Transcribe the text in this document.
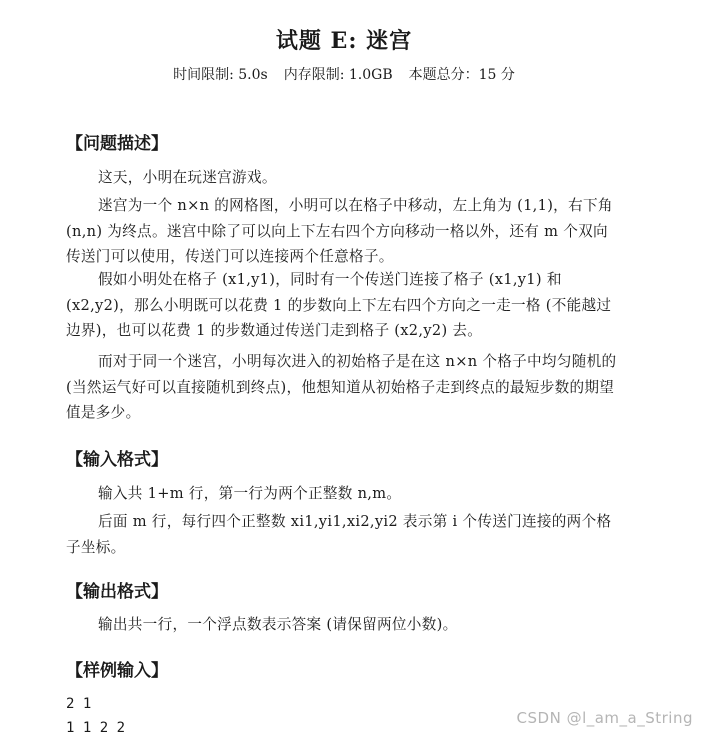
试题 E: 迷宫
时间限制: 5.0s 内存限制: 1.0GB 本题总分：15 分
【问题描述】
这天，小明在玩迷宫游戏。
迷宫为一个 n×n 的网格图，小明可以在格子中移动，左上角为 (1,1)，右下角 (n,n) 为终点。迷宫中除了可以向上下左右四个方向移动一格以外，还有 m 个双向传送门可以使用，传送门可以连接两个任意格子。
假如小明处在格子 (x1,y1)，同时有一个传送门连接了格子 (x1,y1) 和 (x2,y2)，那么小明既可以花费 1 的步数向上下左右四个方向之一走一格 (不能越过边界)，也可以花费 1 的步数通过传送门走到格子 (x2,y2) 去。
而对于同一个迷宫，小明每次进入的初始格子是在这 n×n 个格子中均匀随机的 (当然运气好可以直接随机到终点)，他想知道从初始格子走到终点的最短步数的期望值是多少。
【输入格式】
输入共 1+m 行，第一行为两个正整数 n,m。
后面 m 行，每行四个正整数 xi1,yi1,xi2,yi2 表示第 i 个传送门连接的两个格子坐标。
【输出格式】
输出共一行，一个浮点数表示答案 (请保留两位小数)。
【样例输入】
2 1
1 1 2 2
CSDN @l_am_a_String
